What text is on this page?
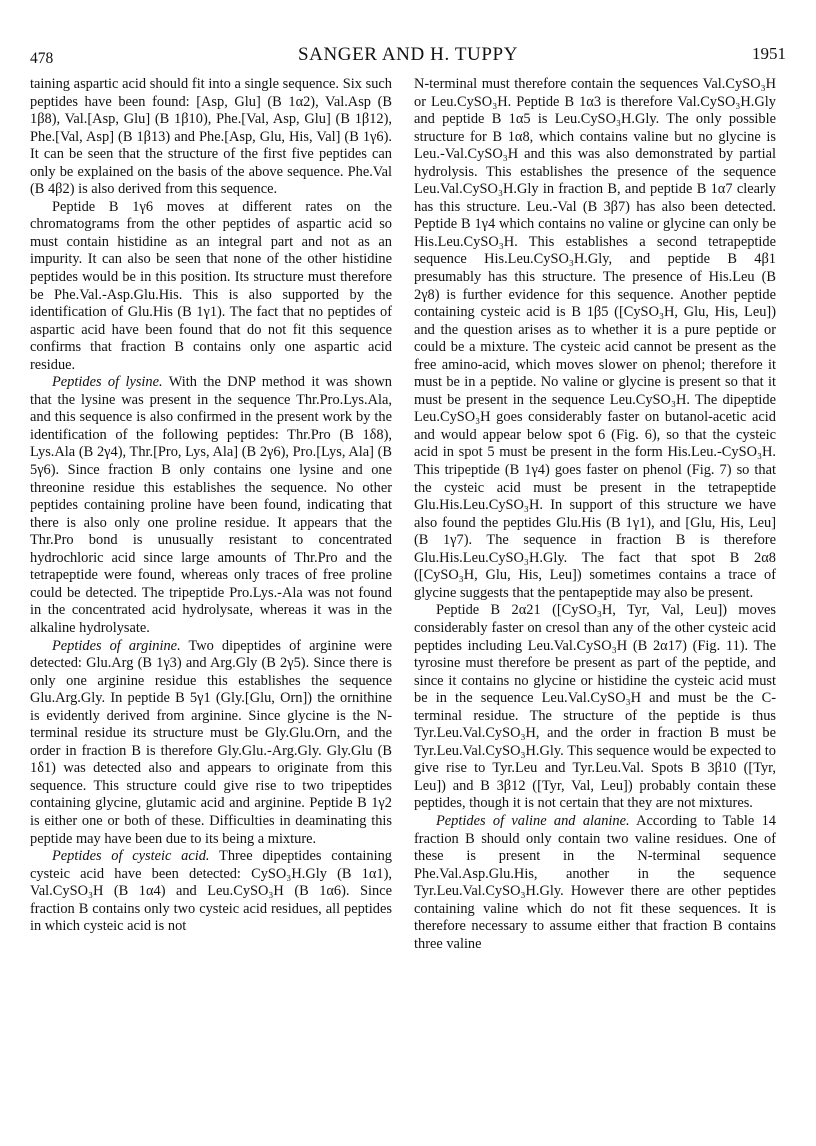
478	SANGER AND H. TUPPY	1951

taining aspartic acid should fit into a single sequence. Six such peptides have been found: [Asp, Glu] (B 1α2), Val.Asp (B 1β8), Val.[Asp, Glu] (B 1β10), Phe.[Val, Asp, Glu] (B 1β12), Phe.[Val, Asp] (B 1β13) and Phe.[Asp, Glu, His, Val] (B 1γ6). It can be seen that the structure of the first five peptides can only be explained on the basis of the above sequence. Phe.Val (B 4β2) is also derived from this sequence.

Peptide B 1γ6 moves at different rates on the chromatograms from the other peptides of aspartic acid so must contain histidine as an integral part and not as an impurity. It can also be seen that none of the other histidine peptides would be in this position. Its structure must therefore be Phe.Val.-Asp.Glu.His. This is also supported by the identification of Glu.His (B 1γ1). The fact that no peptides of aspartic acid have been found that do not fit this sequence confirms that fraction B contains only one aspartic acid residue.

Peptides of lysine. With the DNP method it was shown that the lysine was present in the sequence Thr.Pro.Lys.Ala, and this sequence is also confirmed in the present work by the identification of the following peptides: Thr.Pro (B 1δ8), Lys.Ala (B 2γ4), Thr.[Pro, Lys, Ala] (B 2γ6), Pro.[Lys, Ala] (B 5γ6). Since fraction B only contains one lysine and one threonine residue this establishes the sequence. No other peptides containing proline have been found, indicating that there is also only one proline residue. It appears that the Thr.Pro bond is unusually resistant to concentrated hydrochloric acid since large amounts of Thr.Pro and the tetrapeptide were found, whereas only traces of free proline could be detected. The tripeptide Pro.Lys.-Ala was not found in the concentrated acid hydrolysate, whereas it was in the alkaline hydrolysate.

Peptides of arginine. Two dipeptides of arginine were detected: Glu.Arg (B 1γ3) and Arg.Gly (B 2γ5). Since there is only one arginine residue this establishes the sequence Glu.Arg.Gly. In peptide B 5γ1 (Gly.[Glu, Orn]) the ornithine is evidently derived from arginine. Since glycine is the N-terminal residue its structure must be Gly.Glu.Orn, and the order in fraction B is therefore Gly.Glu.-Arg.Gly. Gly.Glu (B 1δ1) was detected also and appears to originate from this sequence. This structure could give rise to two tripeptides containing glycine, glutamic acid and arginine. Peptide B 1γ2 is either one or both of these. Difficulties in deaminating this peptide may have been due to its being a mixture.

Peptides of cysteic acid. Three dipeptides containing cysteic acid have been detected: CySO₃H.Gly (B 1α1), Val.CySO₃H (B 1α4) and Leu.CySO₃H (B 1α6). Since fraction B contains only two cysteic acid residues, all peptides in which cysteic acid is not

N-terminal must therefore contain the sequences Val.CySO₃H or Leu.CySO₃H. Peptide B 1α3 is therefore Val.CySO₃H.Gly and peptide B 1α5 is Leu.CySO₃H.Gly. The only possible structure for B 1α8, which contains valine but no glycine is Leu.-Val.CySO₃H and this was also demonstrated by partial hydrolysis. This establishes the presence of the sequence Leu.Val.CySO₃H.Gly in fraction B, and peptide B 1α7 clearly has this structure. Leu.-Val (B 3β7) has also been detected. Peptide B 1γ4 which contains no valine or glycine can only be His.Leu.CySO₃H. This establishes a second tetrapeptide sequence His.Leu.CySO₃H.Gly, and peptide B 4β1 presumably has this structure. The presence of His.Leu (B 2γ8) is further evidence for this sequence. Another peptide containing cysteic acid is B 1β5 ([CySO₃H, Glu, His, Leu]) and the question arises as to whether it is a pure peptide or could be a mixture. The cysteic acid cannot be present as the free amino-acid, which moves slower on phenol; therefore it must be in a peptide. No valine or glycine is present so that it must be present in the sequence Leu.CySO₃H. The dipeptide Leu.CySO₃H goes considerably faster on butanol-acetic acid and would appear below spot 6 (Fig. 6), so that the cysteic acid in spot 5 must be present in the form His.Leu.-CySO₃H. This tripeptide (B 1γ4) goes faster on phenol (Fig. 7) so that the cysteic acid must be present in the tetrapeptide Glu.His.Leu.CySO₃H. In support of this structure we have also found the peptides Glu.His (B 1γ1), and [Glu, His, Leu] (B 1γ7). The sequence in fraction B is therefore Glu.His.Leu.CySO₃H.Gly. The fact that spot B 2α8 ([CySO₃H, Glu, His, Leu]) sometimes contains a trace of glycine suggests that the pentapeptide may also be present.

Peptide B 2α21 ([CySO₃H, Tyr, Val, Leu]) moves considerably faster on cresol than any of the other cysteic acid peptides including Leu.Val.CySO₃H (B 2α17) (Fig. 11). The tyrosine must therefore be present as part of the peptide, and since it contains no glycine or histidine the cysteic acid must be in the sequence Leu.Val.CySO₃H and must be the C-terminal residue. The structure of the peptide is thus Tyr.Leu.Val.CySO₃H, and the order in fraction B must be Tyr.Leu.Val.CySO₃H.Gly. This sequence would be expected to give rise to Tyr.Leu and Tyr.Leu.Val. Spots B 3β10 ([Tyr, Leu]) and B 3β12 ([Tyr, Val, Leu]) probably contain these peptides, though it is not certain that they are not mixtures.

Peptides of valine and alanine. According to Table 14 fraction B should only contain two valine residues. One of these is present in the N-terminal sequence Phe.Val.Asp.Glu.His, another in the sequence Tyr.Leu.Val.CySO₃H.Gly. However there are other peptides containing valine which do not fit these sequences. It is therefore necessary to assume either that fraction B contains three valine
